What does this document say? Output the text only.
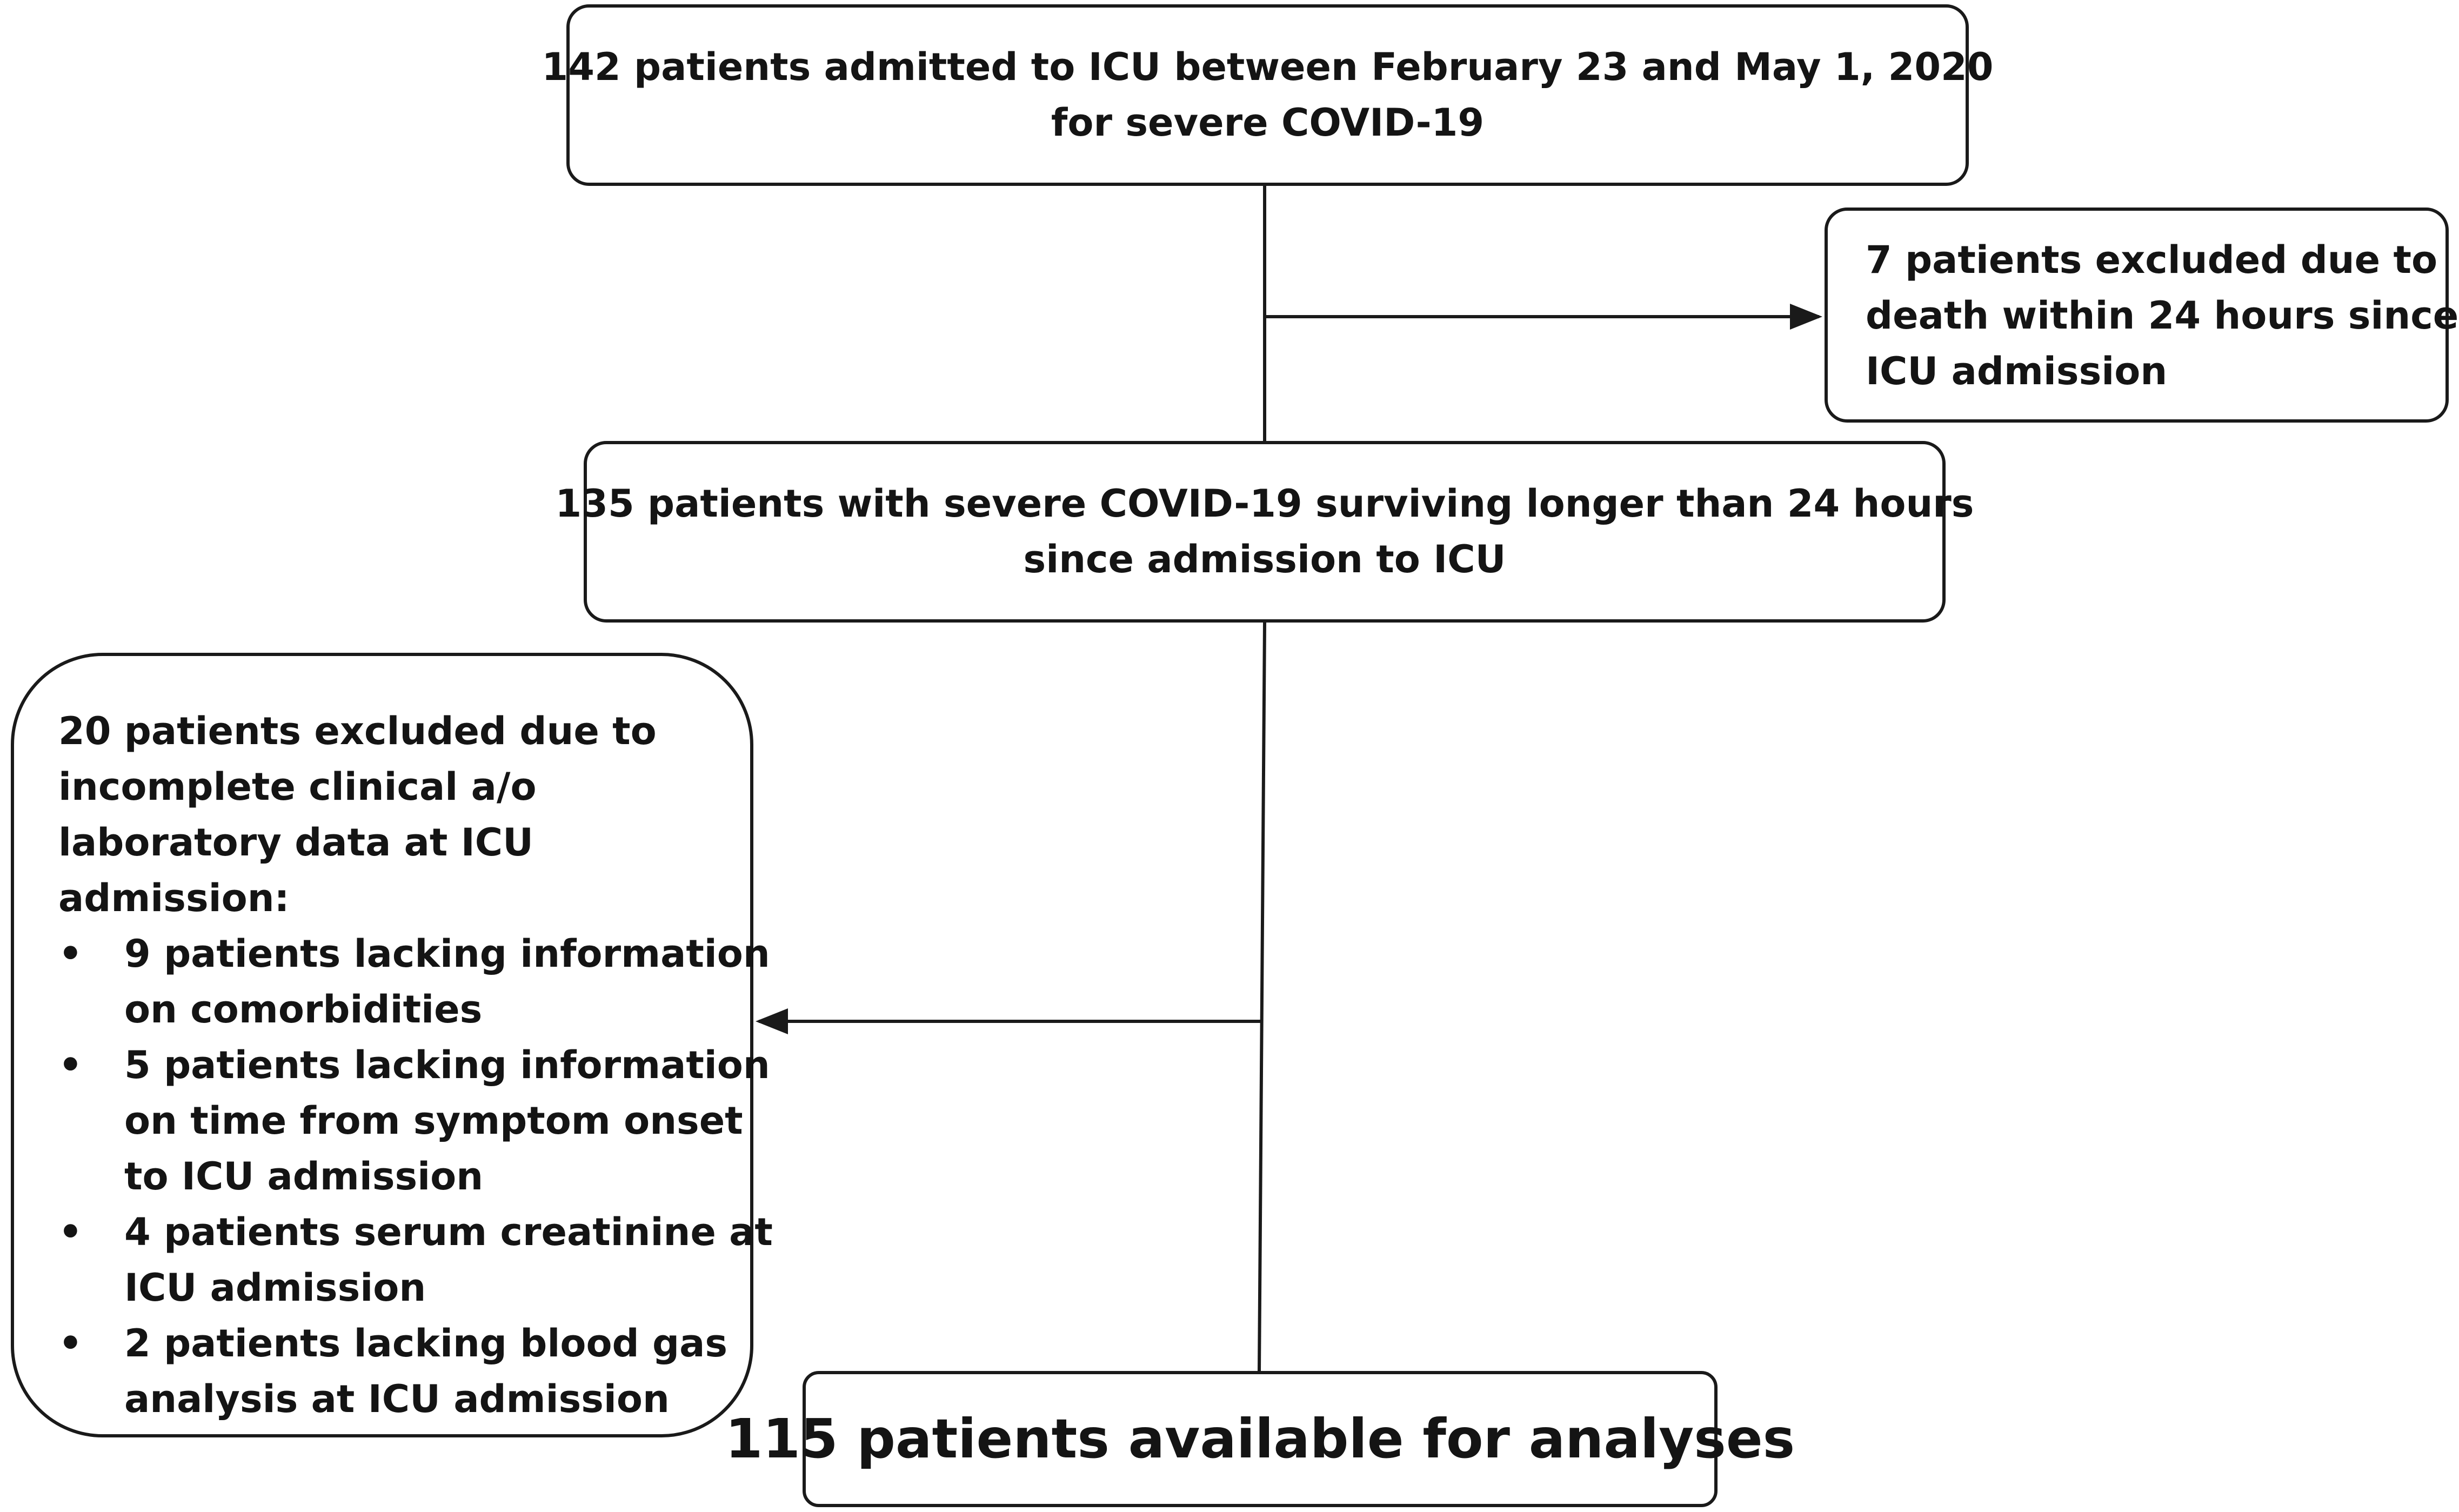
142 patients admitted to ICU between February 23 and May 1, 2020
for severe COVID-19
7 patients excluded due to
death within 24 hours since
ICU admission
135 patients with severe COVID-19 surviving longer than 24 hours
since admission to ICU
20 patients excluded due to
incomplete clinical a/o
laboratory data at ICU
admission:
• 9 patients lacking information
on comorbidities
• 5 patients lacking information
on time from symptom onset
to ICU admission
• 4 patients serum creatinine at
ICU admission
• 2 patients lacking blood gas
analysis at ICU admission
115 patients available for analyses
